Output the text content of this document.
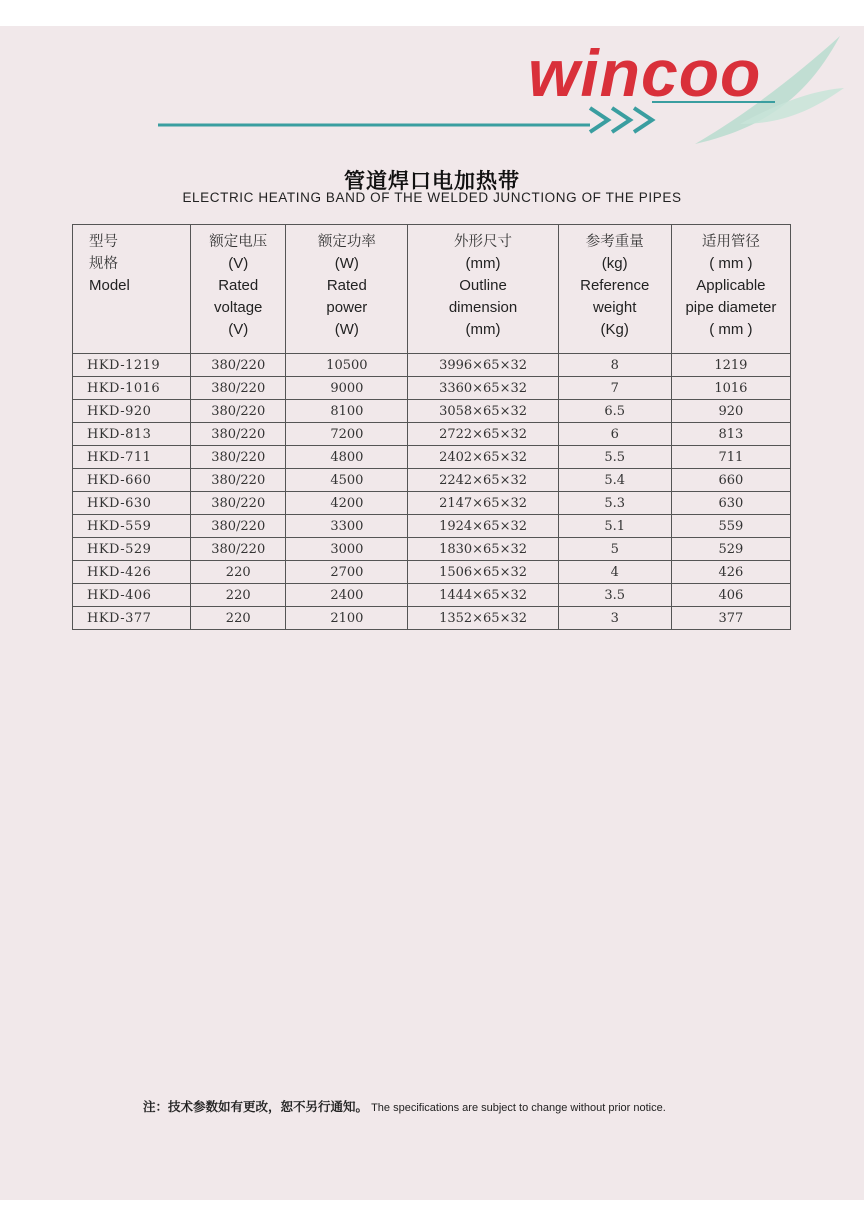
wincoo
管道焊口电加热带
ELECTRIC HEATING BAND OF THE WELDED JUNCTIONG OF THE PIPES
型号
规格
Model	额定电压
(V)
Rated
voltage
(V)	额定功率
(W)
Rated
power
(W)	外形尺寸
(mm)
Outline
dimension
(mm)	参考重量
(kg)
Reference
weight
(Kg)	适用管径
( mm )
Applicable
pipe diameter
( mm )

HKD-1219	380/220	10500	3996×65×32	8	1219
HKD-1016	380/220	9000	3360×65×32	7	1016
HKD-920	380/220	8100	3058×65×32	6.5	920
HKD-813	380/220	7200	2722×65×32	6	813
HKD-711	380/220	4800	2402×65×32	5.5	711
HKD-660	380/220	4500	2242×65×32	5.4	660
HKD-630	380/220	4200	2147×65×32	5.3	630
HKD-559	380/220	3300	1924×65×32	5.1	559
HKD-529	380/220	3000	1830×65×32	5	529
HKD-426	220	2700	1506×65×32	4	426
HKD-406	220	2400	1444×65×32	3.5	406
HKD-377	220	2100	1352×65×32	3	377
注：技术参数如有更改，恕不另行通知。 The specifications are subject to change without prior notice.
